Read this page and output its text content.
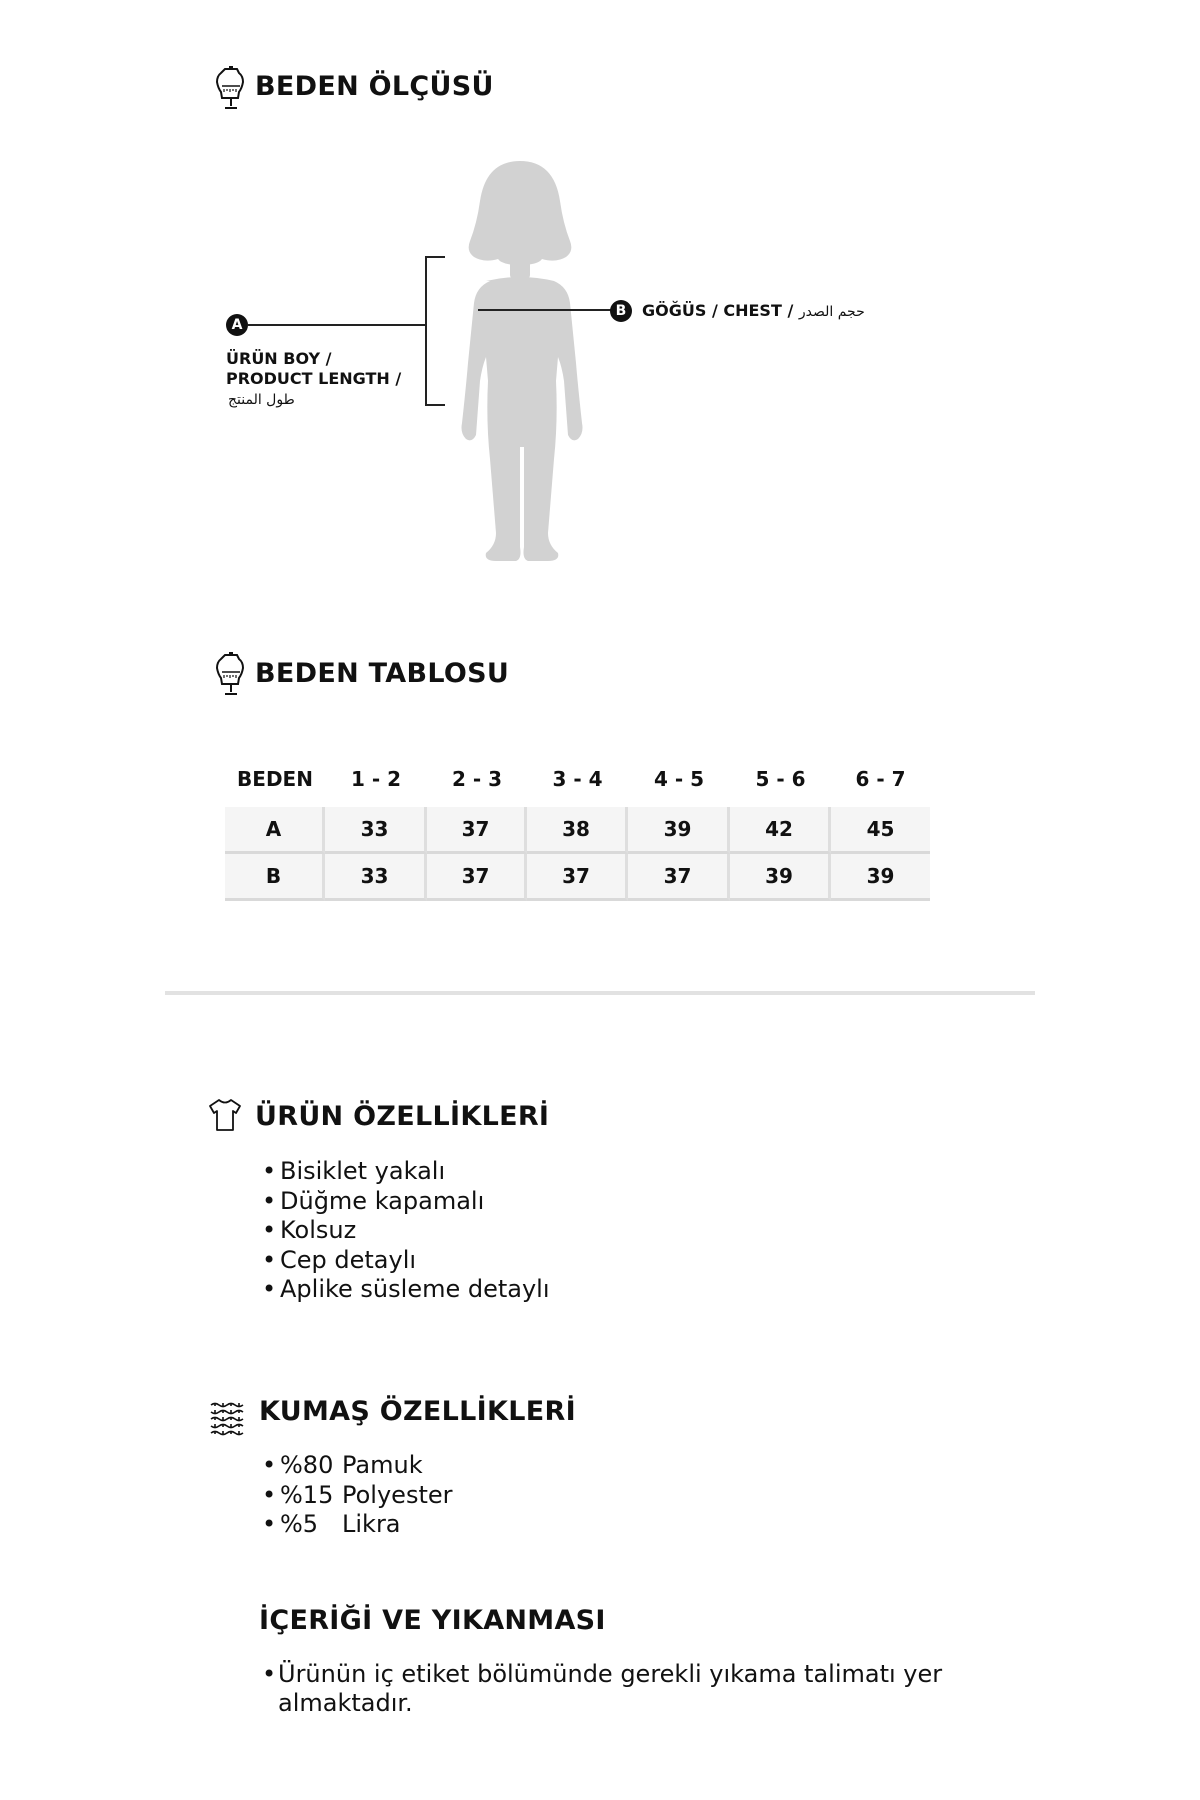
BEDEN ÖLÇÜSÜ
A
ÜRÜN BOY /
PRODUCT LENGTH /
طول المنتج
B GÖĞÜS / CHEST / حجم الصدر
BEDEN TABLOSU
BEDEN	1 - 2	2 - 3	3 - 4	4 - 5	5 - 6	6 - 7
A	33	37	38	39	42	45
B	33	37	37	37	39	39
ÜRÜN ÖZELLİKLERİ
• Bisiklet yakalı
• Düğme kapamalı
• Kolsuz
• Cep detaylı
• Aplike süsleme detaylı
KUMAŞ ÖZELLİKLERİ
• %80 Pamuk
• %15 Polyester
• %5 Likra
İÇERİĞİ VE YIKANMASI
•Ürünün iç etiket bölümünde gerekli yıkama talimatı yer
almaktadır.
